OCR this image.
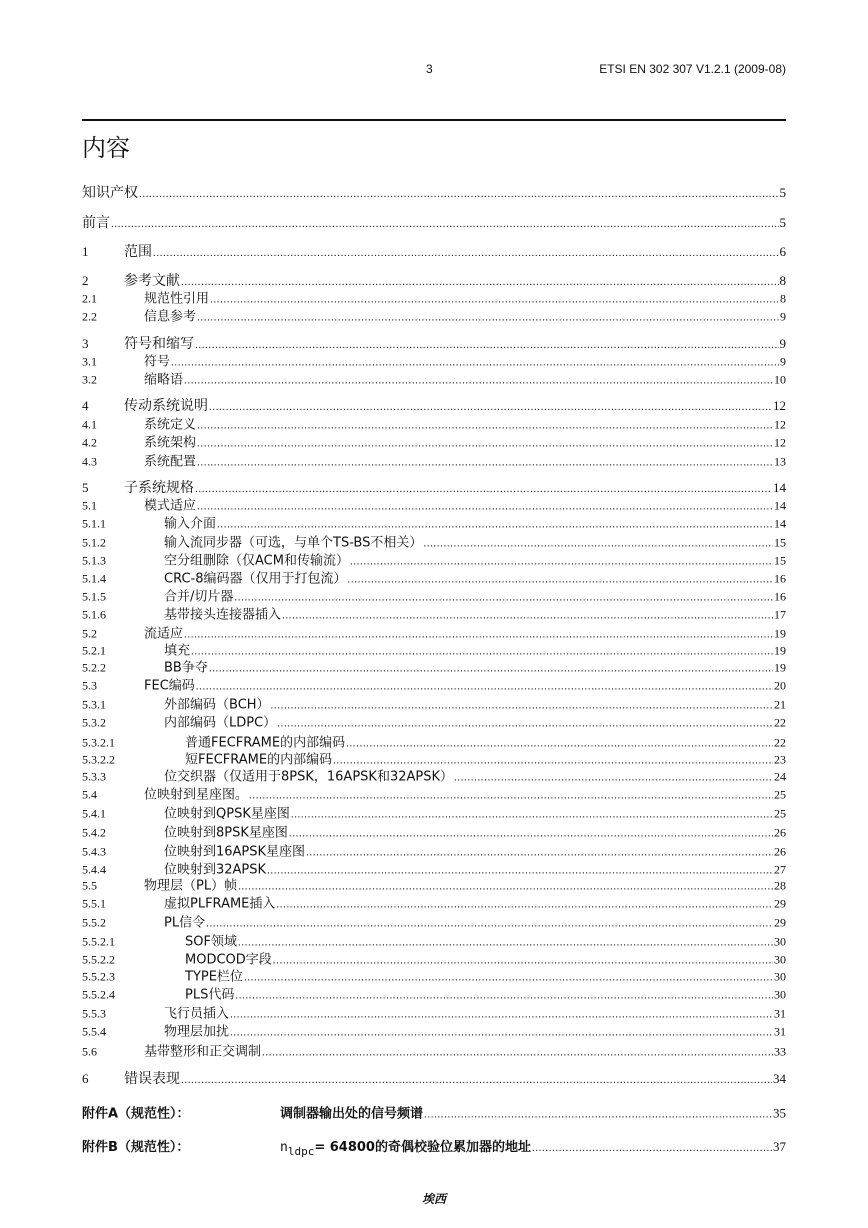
3	ETSI EN 302 307 V1.2.1 (2009-08)
内容
知识产权 .....	5
前言 .....	5
1	范围 .....	6
2	参考文献 .....	8
2.1	规范性引用 .....	8
2.2	信息参考 .....	9
3	符号和缩写 .....	9
3.1	符号 .....	9
3.2	缩略语 .....	10
4	传动系统说明 .....	12
4.1	系统定义 .....	12
4.2	系统架构 .....	12
4.3	系统配置 .....	13
5	子系统规格 .....	14
5.1	模式适应 .....	14
5.1.1	输入介面 .....	14
5.1.2	输入流同步器（可选，与单个TS-BS不相关） .....	15
5.1.3	空分组删除（仅ACM和传输流） .....	15
5.1.4	CRC-8编码器（仅用于打包流） .....	16
5.1.5	合并/切片器 .....	16
5.1.6	基带接头连接器插入 .....	17
5.2	流适应 .....	19
5.2.1	填充 .....	19
5.2.2	BB争夺 .....	19
5.3	FEC编码 .....	20
5.3.1	外部编码（BCH） .....	21
5.3.2	内部编码（LDPC） .....	22
5.3.2.1	普通FECFRAME的内部编码 .....	22
5.3.2.2	短FECFRAME的内部编码 .....	23
5.3.3	位交织器（仅适用于8PSK，16APSK和32APSK） .....	24
5.4	位映射到星座图。 .....	25
5.4.1	位映射到QPSK星座图 .....	25
5.4.2	位映射到8PSK星座图 .....	26
5.4.3	位映射到16APSK星座图 .....	26
5.4.4	位映射到32APSK .....	27
5.5	物理层（PL）帧 .....	28
5.5.1	虚拟PLFRAME插入 .....	29
5.5.2	PL信令 .....	29
5.5.2.1	SOF领域 .....	30
5.5.2.2	MODCOD字段 .....	30
5.5.2.3	TYPE栏位 .....	30
5.5.2.4	PLS代码 .....	30
5.5.3	飞行员插入 .....	31
5.5.4	物理层加扰 .....	31
5.6	基带整形和正交调制 .....	33
6	错误表现 .....	34
附件A（规范性）：	调制器输出处的信号频谱 .....	35
附件B（规范性）：	$n_{ldpc}= 64800$的奇偶校验位累加器的地址 .....	37
埃西
